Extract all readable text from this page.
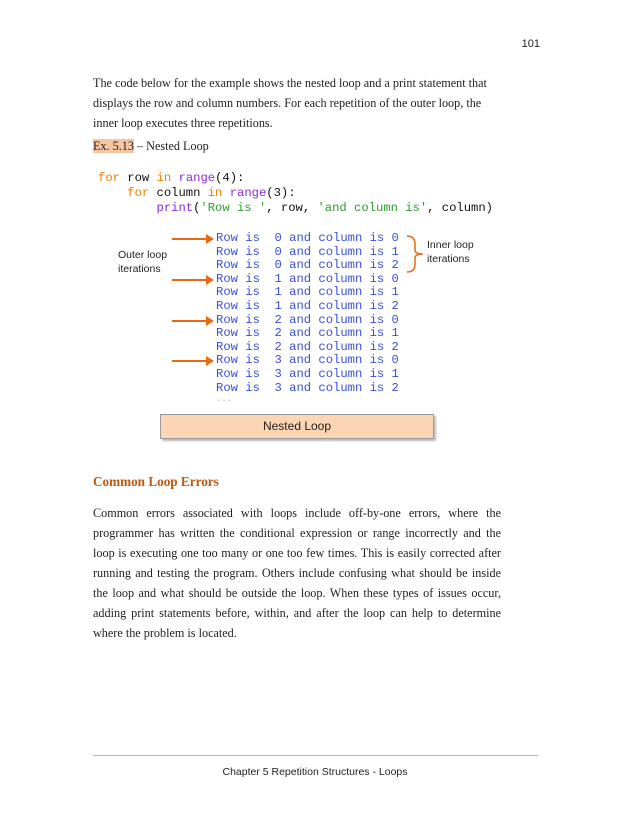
101
The code below for the example shows the nested loop and a print statement that displays the row and column numbers. For each repetition of the outer loop, the inner loop executes three repetitions.
Ex. 5.13 – Nested Loop
for row in range(4):
for column in range(3):
print('Row is ', row, 'and column is', column)
Row is  0 and column is 0
Row is  0 and column is 1
Row is  0 and column is 2
Row is  1 and column is 0
Row is  1 and column is 1
Row is  1 and column is 2
Row is  2 and column is 0
Row is  2 and column is 1
Row is  2 and column is 2
Row is  3 and column is 0
Row is  3 and column is 1
Row is  3 and column is 2
...
Outer loop
iterations
Inner loop
iterations
Nested Loop
Common Loop Errors
Common errors associated with loops include off-by-one errors, where the programmer has written the conditional expression or range incorrectly and the loop is executing one too many or one too few times. This is easily corrected after running and testing the program. Others include confusing what should be inside the loop and what should be outside the loop. When these types of issues occur, adding print statements before, within, and after the loop can help to determine where the problem is located.
Chapter 5 Repetition Structures - Loops
